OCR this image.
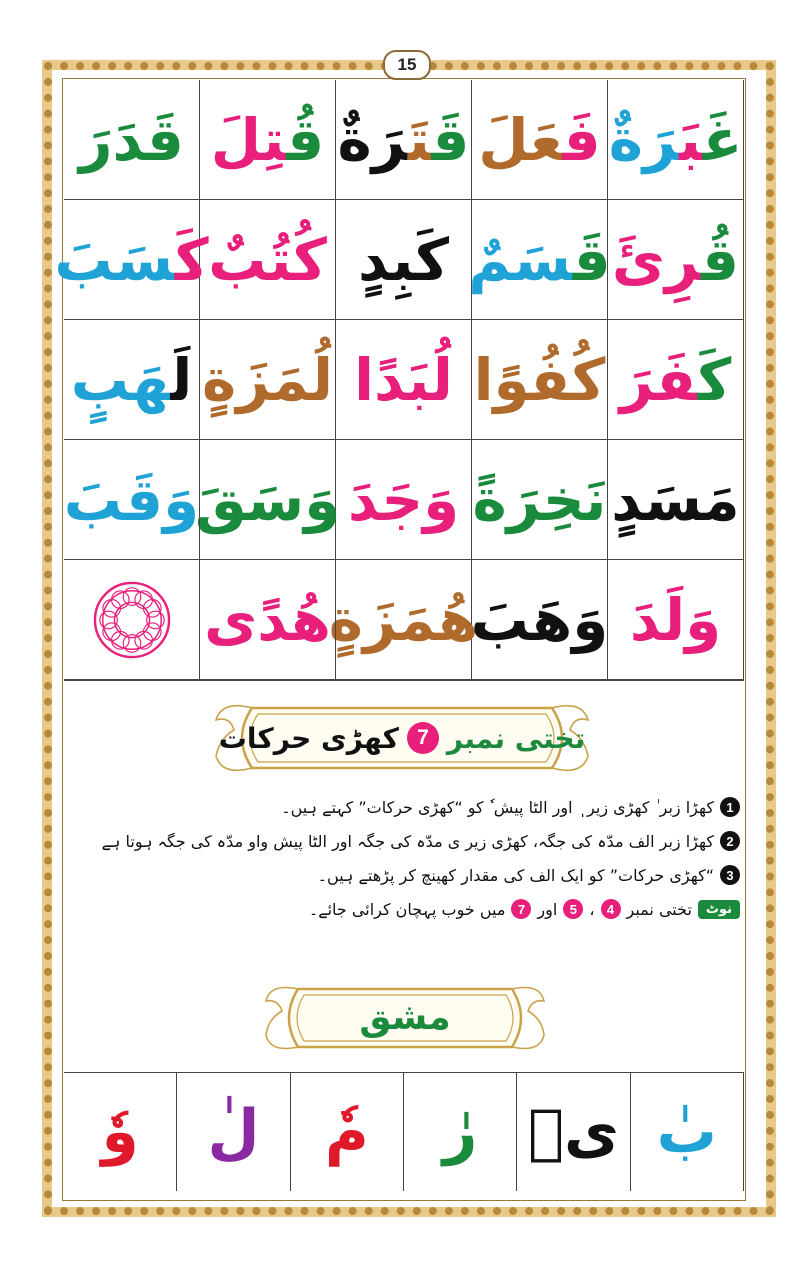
15
غَبَرَةٌ
فَعَلَ
قَتَرَةٌ
قُتِلَ
قَدَرَ
قُرِئَ
قَسَمٌ
كَبِدٍ
كُتُبٌ
كَسَبَ
كَفَرَ
كُفُوًا
لُبَدًا
لُمَزَةٍ
لَهَبٍ
مَسَدٍ
نَخِرَةً
وَجَدَ
وَسَقَ
وَقَبَ
وَلَدَ
وَهَبَ
هُمَزَةٍ
هُدًى
تختی نمبر
7
کھڑی حرکات
1
کھڑا زبر ٰ کھڑی زیر ٖ اور الٹا پیش ٗ کو “کھڑی حرکات” کہتے ہیں۔
2
کھڑا زبر الف مدّہ کی جگہ، کھڑی زیر ی مدّہ کی جگہ اور الٹا پیش واو مدّہ کی جگہ ہوتا ہے
3
“کھڑی حرکات” کو ایک الف کی مقدار کھینچ کر پڑھتے ہیں۔
نوٹ
تختی نمبر
4
،
5
اور
7
میں خوب پہچان کرائی جائے۔
مشق
بٰ
یٖ
رٰ
مٗ
لٰ
وٗ
